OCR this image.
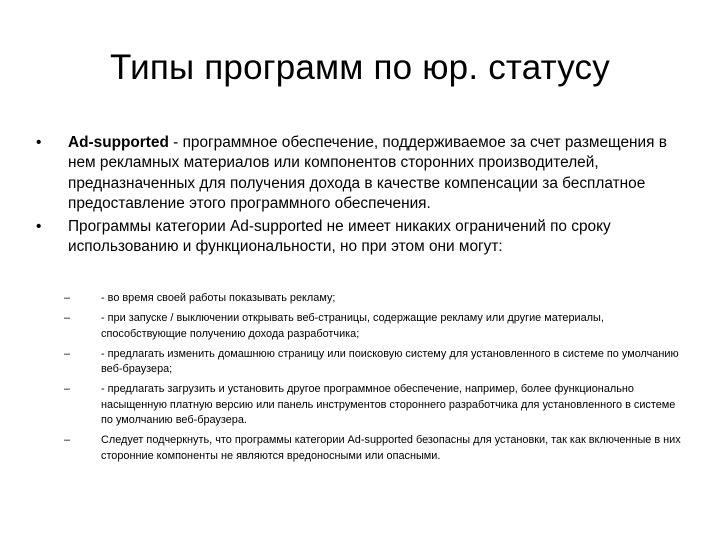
Типы программ по юр. статусу
•	Ad-supported - программное обеспечение, поддерживаемое за счет размещения в нем рекламных материалов или компонентов сторонних производителей, предназначенных для получения дохода в качестве компенсации за бесплатное предоставление этого программного обеспечения.
•	Программы категории Ad-supported не имеет никаких ограничений по сроку использованию и функциональности, но при этом они могут:
–	- во время своей работы показывать рекламу;
–	- при запуске / выключении открывать веб-страницы, содержащие рекламу или другие материалы, способствующие получению дохода разработчика;
–	- предлагать изменить домашнюю страницу или поисковую систему для установленного в системе по умолчанию веб-браузера;
–	- предлагать загрузить и установить другое программное обеспечение, например, более функционально насыщенную платную версию или панель инструментов стороннего разработчика для установленного в системе по умолчанию веб-браузера.
–	Следует подчеркнуть, что программы категории Ad-supported безопасны для установки, так как включенные в них сторонние компоненты не являются вредоносными или опасными.
